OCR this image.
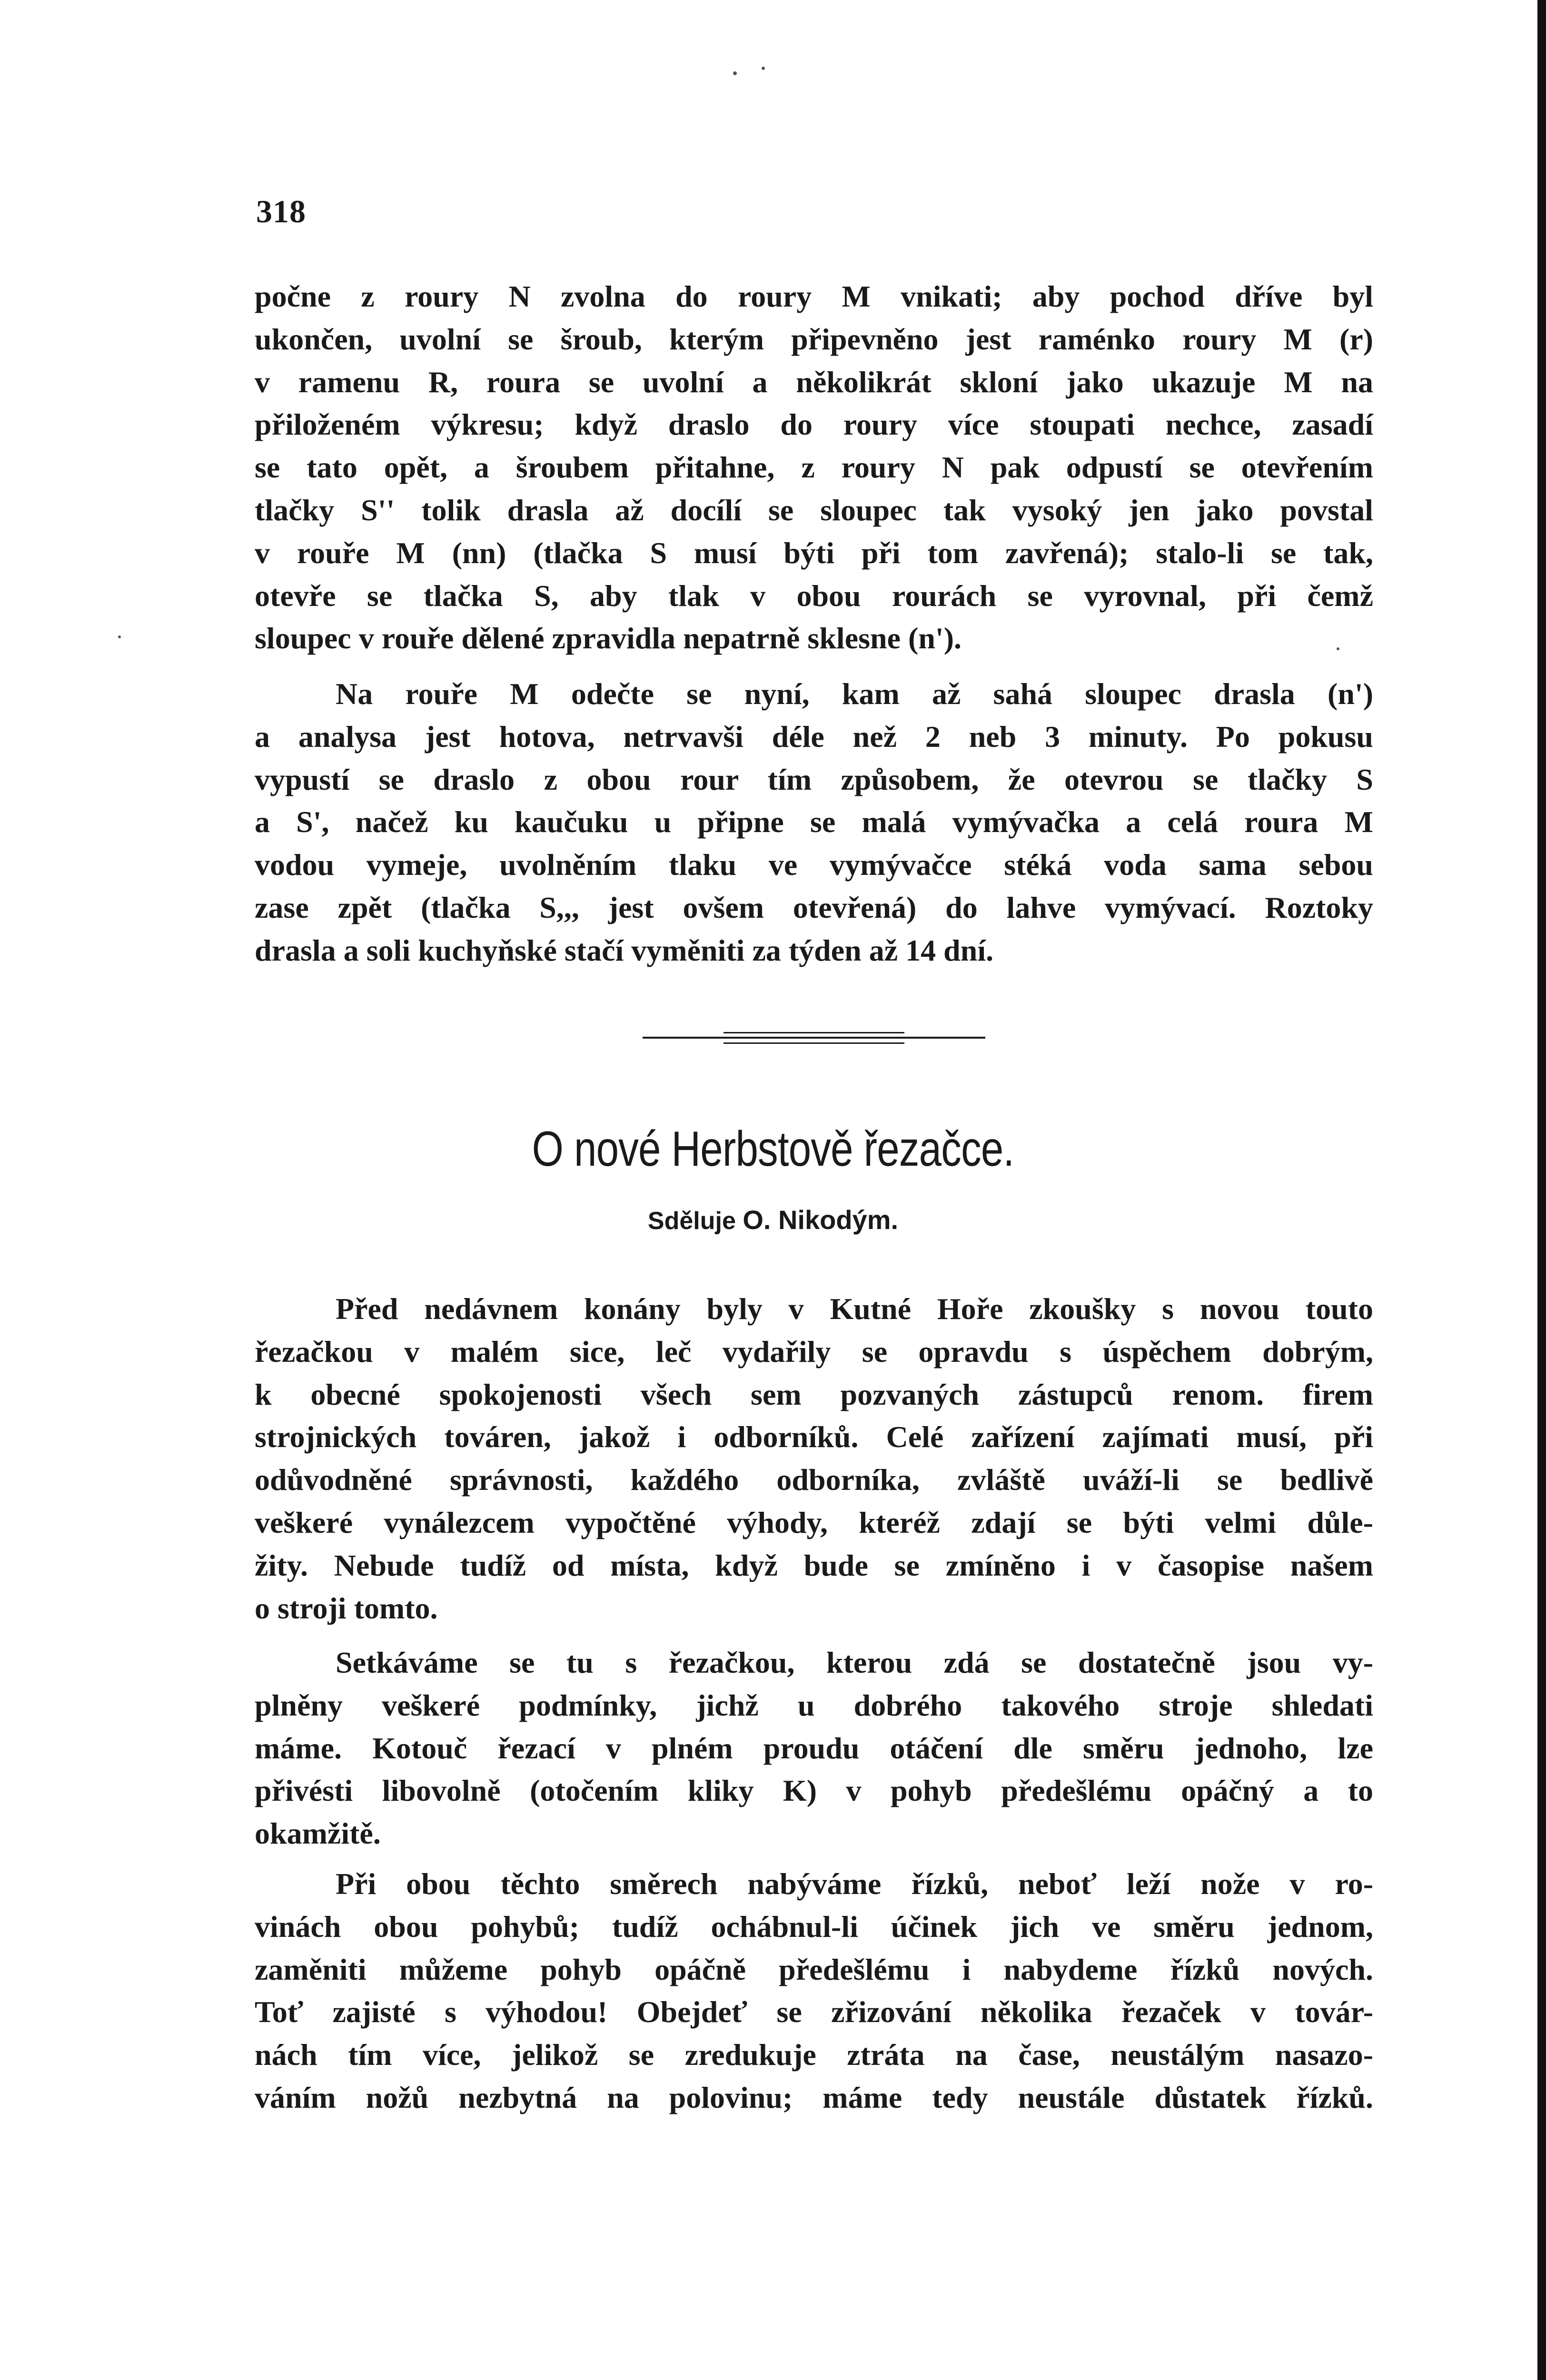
318
počne z roury N zvolna do roury M vnikati; aby pochod dříve byl
ukončen, uvolní se šroub, kterým připevněno jest raménko roury M (r)
v ramenu R, roura se uvolní a několikrát skloní jako ukazuje M na
přiloženém výkresu; když draslo do roury více stoupati nechce, zasadí
se tato opět, a šroubem přitahne, z roury N pak odpustí se otevřením
tlačky S'' tolik drasla až docílí se sloupec tak vysoký jen jako povstal
v rouře M (nn) (tlačka S musí býti při tom zavřená); stalo-li se tak,
otevře se tlačka S, aby tlak v obou rourách se vyrovnal, při čemž
sloupec v rouře dělené zpravidla nepatrně sklesne (n').
Na rouře M odečte se nyní, kam až sahá sloupec drasla (n')
a analysa jest hotova, netrvavši déle než 2 neb 3 minuty. Po pokusu
vypustí se draslo z obou rour tím způsobem, že otevrou se tlačky S
a S', načež ku kaučuku u připne se malá vymývačka a celá roura M
vodou vymeje, uvolněním tlaku ve vymývačce stéká voda sama sebou
zase zpět (tlačka S,,, jest ovšem otevřená) do lahve vymývací. Roztoky
drasla a soli kuchyňské stačí vyměniti za týden až 14 dní.
O nové Herbstově řezačce.
Sděluje O. Nikodým.
Před nedávnem konány byly v Kutné Hoře zkoušky s novou touto
řezačkou v malém sice, leč vydařily se opravdu s úspěchem dobrým,
k obecné spokojenosti všech sem pozvaných zástupců renom. firem
strojnických továren, jakož i odborníků. Celé zařízení zajímati musí, při
odůvodněné správnosti, každého odborníka, zvláště uváží-li se bedlivě
veškeré vynálezcem vypočtěné výhody, kteréž zdají se býti velmi důle-
žity. Nebude tudíž od místa, když bude se zmíněno i v časopise našem
o stroji tomto.
Setkáváme se tu s řezačkou, kterou zdá se dostatečně jsou vy-
plněny veškeré podmínky, jichž u dobrého takového stroje shledati
máme. Kotouč řezací v plném proudu otáčení dle směru jednoho, lze
přivésti libovolně (otočením kliky K) v pohyb předešlému opáčný a to
okamžitě.
Při obou těchto směrech nabýváme řízků, neboť leží nože v ro-
vinách obou pohybů; tudíž ochábnul-li účinek jich ve směru jednom,
zaměniti můžeme pohyb opáčně předešlému i nabydeme řízků nových.
Toť zajisté s výhodou! Obejdeť se zřizování několika řezaček v továr-
nách tím více, jelikož se zredukuje ztráta na čase, neustálým nasazo-
váním nožů nezbytná na polovinu; máme tedy neustále důstatek řízků.
